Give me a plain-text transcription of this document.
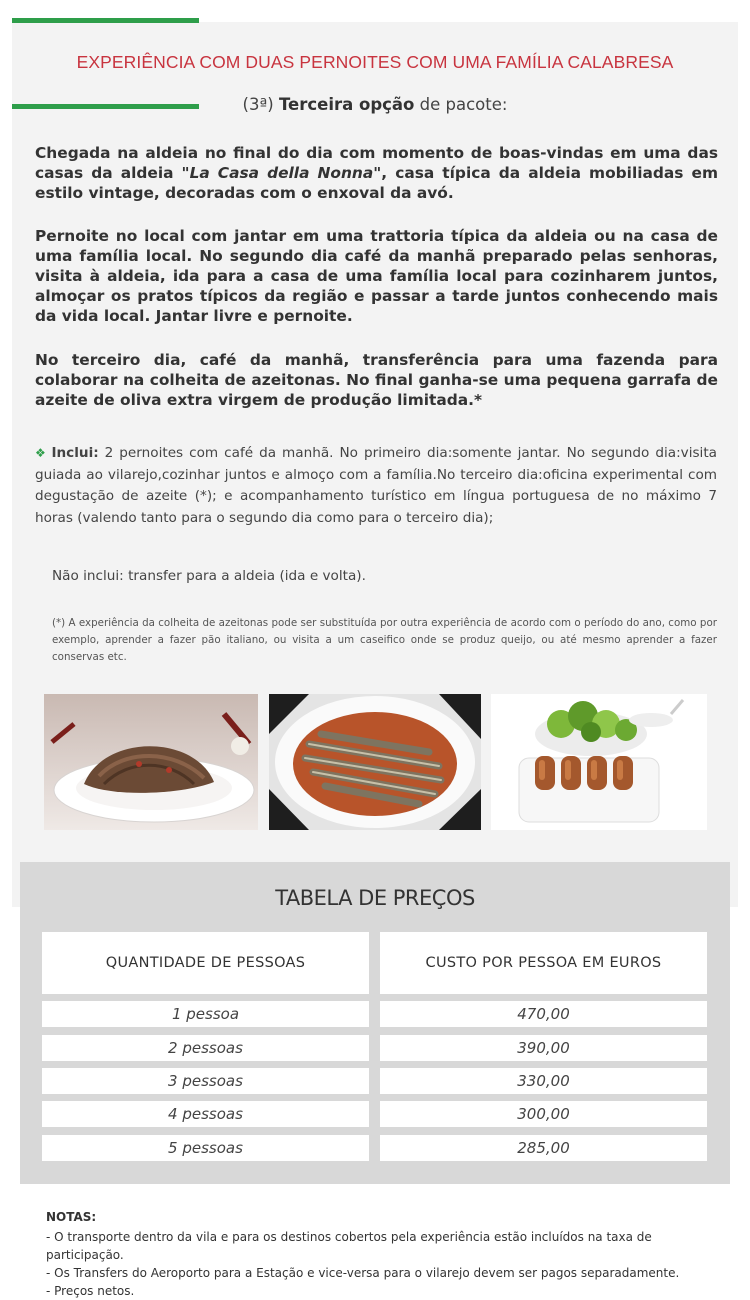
EXPERIÊNCIA COM DUAS PERNOITES COM UMA FAMÍLIA CALABRESA
(3ª) Terceira opção de pacote:

Chegada na aldeia no final do dia com momento de boas-vindas em uma das casas da aldeia "La Casa della Nonna", casa típica da aldeia mobiliadas em estilo vintage, decoradas com o enxoval da avó.

Pernoite no local com jantar em uma trattoria típica da aldeia ou na casa de uma família local. No segundo dia café da manhã preparado pelas senhoras, visita à aldeia, ida para a casa de uma família local para cozinharem juntos, almoçar os pratos típicos da região e passar a tarde juntos conhecendo mais da vida local. Jantar livre e pernoite.

No terceiro dia, café da manhã, transferência para uma fazenda para colaborar na colheita de azeitonas. No final ganha-se uma pequena garrafa de azeite de oliva extra virgem de produção limitada.*

❖ Inclui: 2 pernoites com café da manhã. No primeiro dia:somente jantar. No segundo dia:visita guiada ao vilarejo,cozinhar juntos e almoço com a família.No terceiro dia:oficina experimental com degustação de azeite (*); e acompanhamento turístico em língua portuguesa de no máximo 7 horas (valendo tanto para o segundo dia como para o terceiro dia);

Não inclui: transfer para a aldeia (ida e volta).

(*) A experiência da colheita de azeitonas pode ser substituída por outra experiência de acordo com o período do ano, como por exemplo, aprender a fazer pão italiano, ou visita a um caseifico onde se produz queijo, ou até mesmo aprender a fazer conservas etc.

TABELA DE PREÇOS
QUANTIDADE DE PESSOAS	CUSTO POR PESSOA EM EUROS
1 pessoa	470,00
2 pessoas	390,00
3 pessoas	330,00
4 pessoas	300,00
5 pessoas	285,00
NOTAS:
- O transporte dentro da vila e para os destinos cobertos pela experiência estão incluídos na taxa de participação.
- Os Transfers do Aeroporto para a Estação e vice-versa para o vilarejo devem ser pagos separadamente.
- Preços netos.
